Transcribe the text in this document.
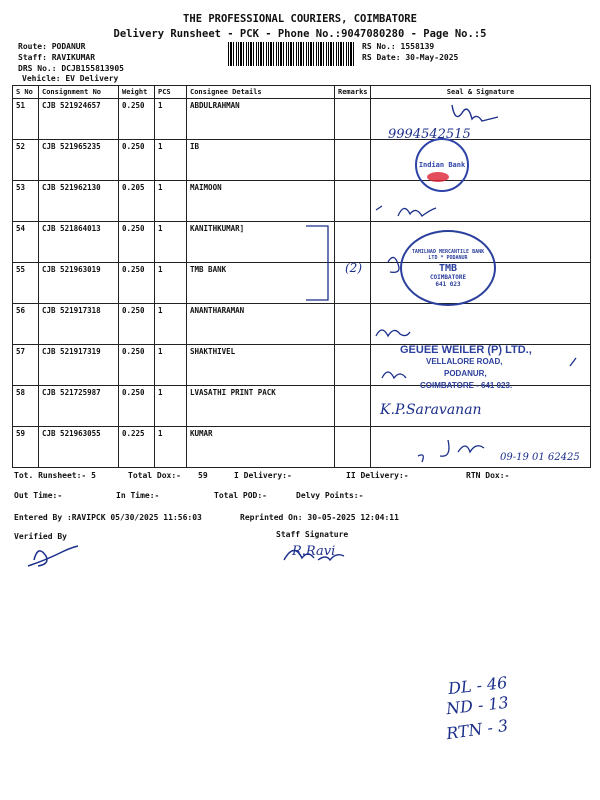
THE PROFESSIONAL COURIERS, COIMBATORE
Delivery Runsheet - PCK - Phone No.:9047080280 - Page No.:5
Route: PODANUR
Staff: RAVIKUMAR
DRS No.: DCJB155813905
Vehicle: EV Delivery
RS No.: 1558139
RS Date: 30-May-2025
S No	Consignment No	Weight	PCS	Consignee Details	Remarks	Seal & Signature
51	CJB 521924657	0.250	1	ABDULRAHMAN		
52	CJB 521965235	0.250	1	IB		
53	CJB 521962130	0.205	1	MAIMOON		
54	CJB 521864013	0.250	1	KANITHKUMAR]		
55	CJB 521963019	0.250	1	TMB BANK		
56	CJB 521917318	0.250	1	ANANTHARAMAN		
57	CJB 521917319	0.250	1	SHAKTHIVEL		
58	CJB 521725987	0.250	1	LVASATHI PRINT PACK		
59	CJB 521963055	0.225	1	KUMAR		
9994542515
(2)
K.P.Saravanan
09-19 01 62425
R.Ravi
Indian Bank
TAMILNAD MERCANTILE BANK LTD * PODANUR
TMB
COIMBATORE
641 023
GEUEE WEILER (P) LTD.,
VELLALORE ROAD,
PODANUR,
COIMBATORE - 641 023.
Tot. Runsheet:- 5	Total Dox:- 59	I Delivery:-	II Delivery:-	RTN Dox:-
Out Time:-	In Time:-	Total POD:-	Delvy Points:-
Entered By :RAVIPCK 05/30/2025 11:56:03	Reprinted On: 30-05-2025 12:04:11
Verified By	Staff Signature
DL - 46
ND - 13
RTN - 3
